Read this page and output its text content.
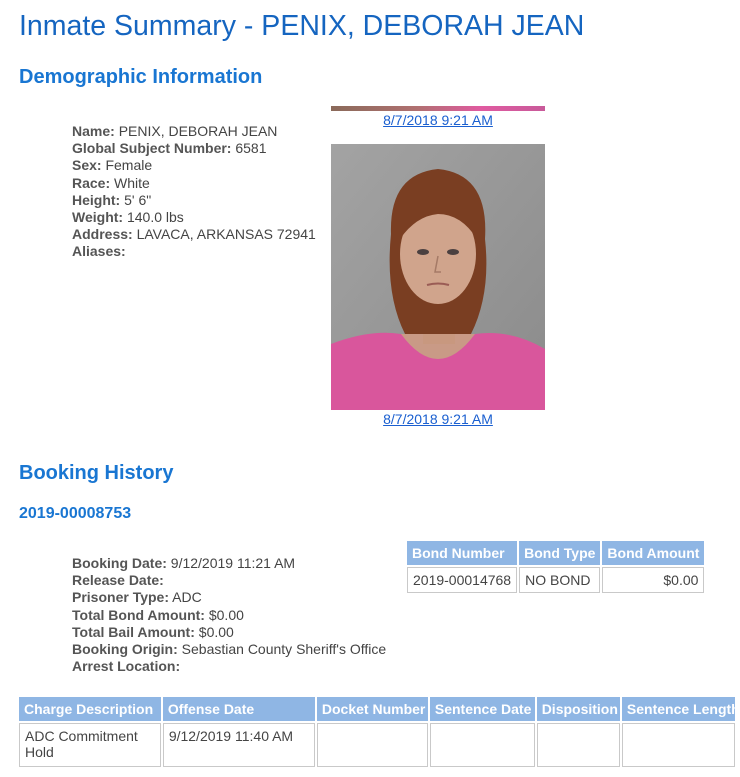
Inmate Summary - PENIX, DEBORAH JEAN
Demographic Information
Name: PENIX, DEBORAH JEAN
Global Subject Number: 6581
Sex: Female
Race: White
Height: 5' 6"
Weight: 140.0 lbs
Address: LAVACA, ARKANSAS 72941
Aliases:
8/7/2018 9:21 AM
8/7/2018 9:21 AM
Booking History
2019-00008753
Bond Number	Bond Type	Bond Amount
2019-00014768	NO BOND	$0.00
Booking Date: 9/12/2019 11:21 AM
Release Date:
Prisoner Type: ADC
Total Bond Amount: $0.00
Total Bail Amount: $0.00
Booking Origin: Sebastian County Sheriff's Office
Arrest Location:
Charge Description	Offense Date	Docket Number	Sentence Date	Disposition	Sentence Length
ADC Commitment Hold	9/12/2019 11:40 AM				
